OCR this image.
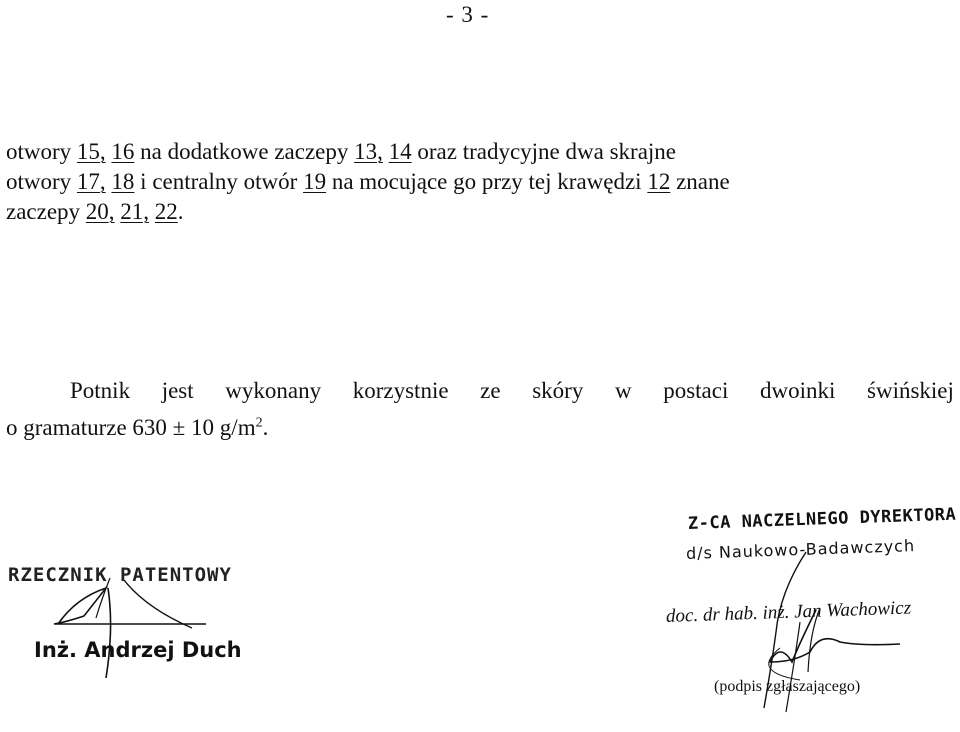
- 3 -
otwory 15, 16 na dodatkowe zaczepy 13, 14 oraz tradycyjne dwa skrajne
otwory 17, 18 i centralny otwór 19 na mocujące go przy tej krawędzi 12 znane
zaczepy 20, 21, 22.
Potnik jest wykonany korzystnie ze skóry w postaci dwoinki świńskiej
o gramaturze 630 ± 10 $g/m^2$.
RZECZNIK PATENTOWY
Inż. Andrzej Duch
Z-CA NACZELNEGO DYREKTORA
d/s Naukowo-Badawczych
doc. dr hab. inż. Jan Wachowicz
(podpis zgłaszającego)
